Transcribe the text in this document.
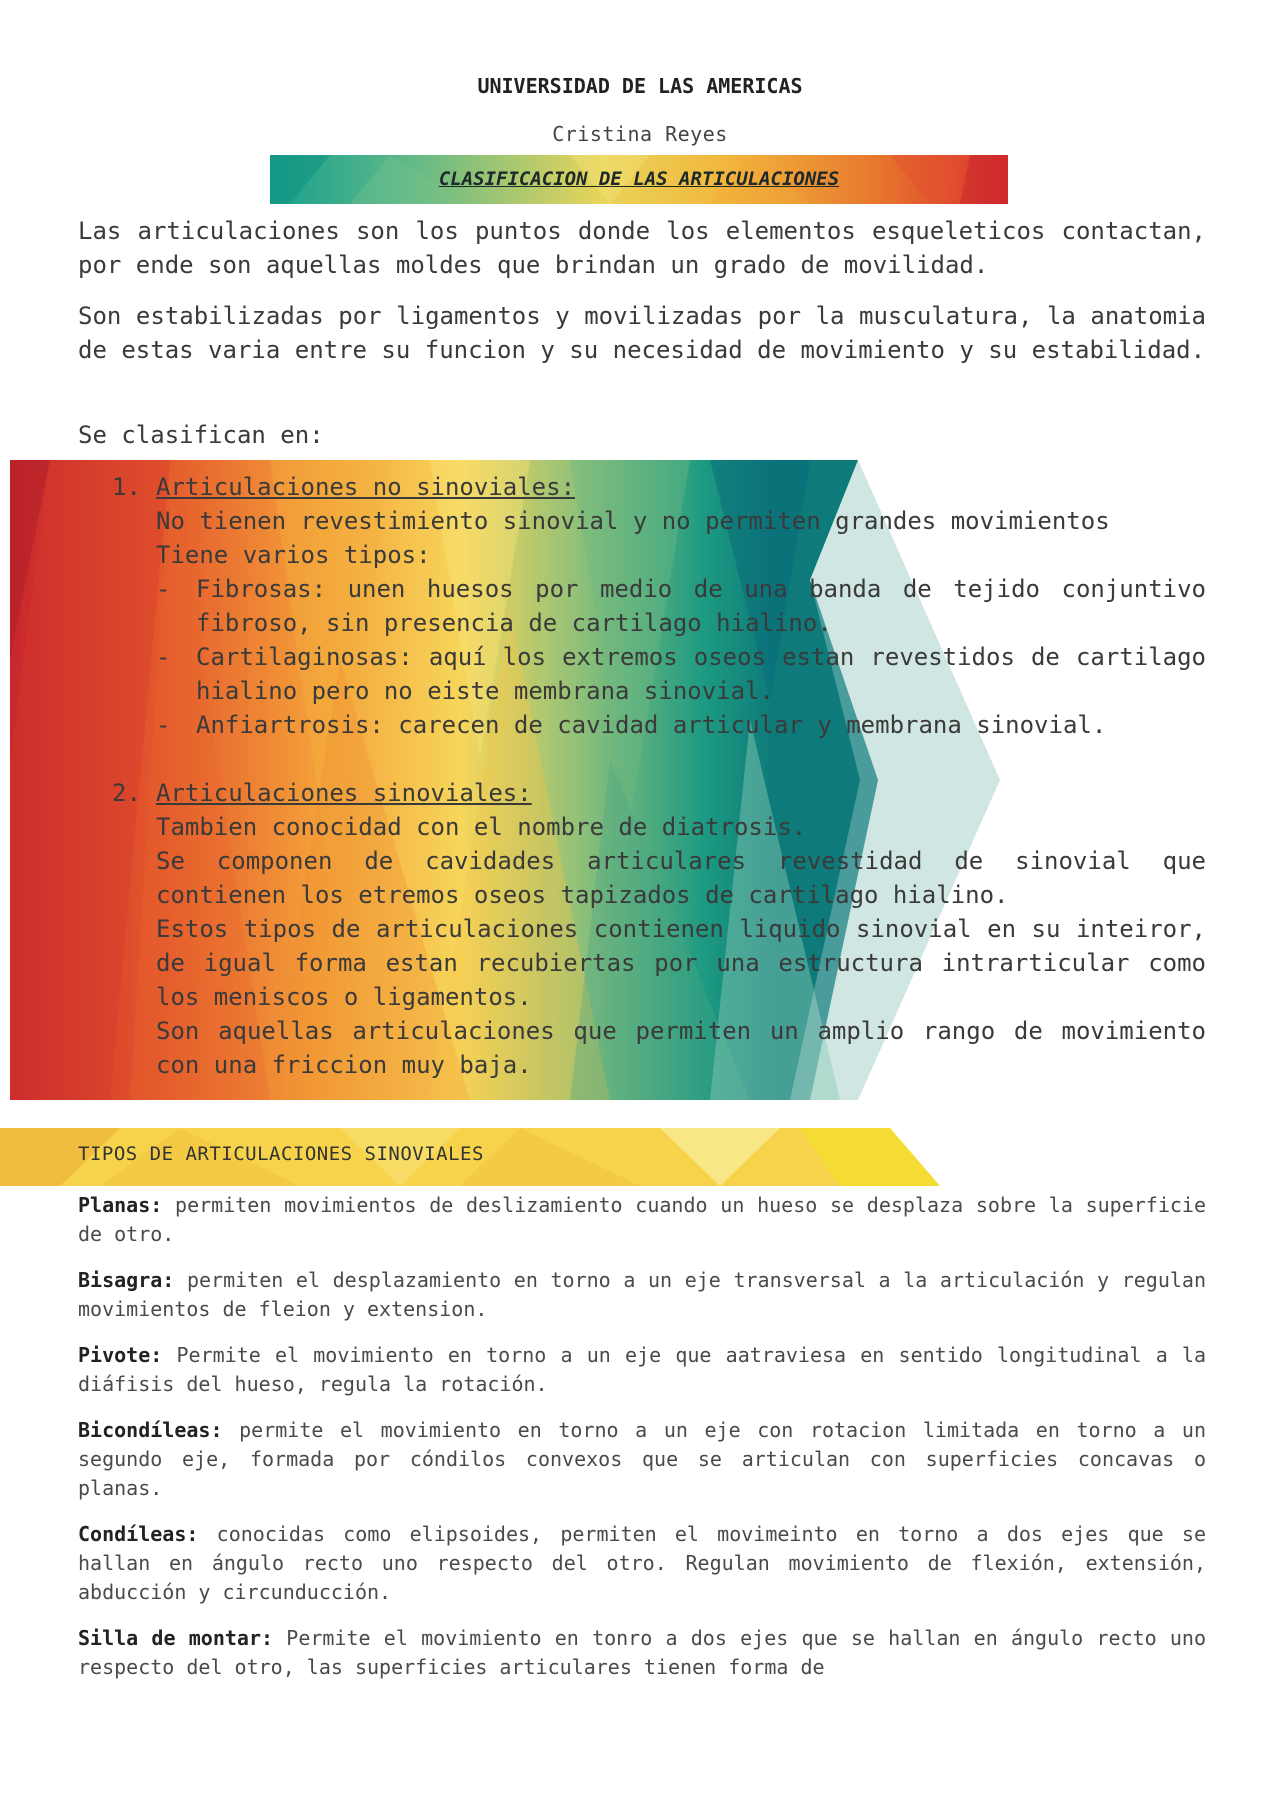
UNIVERSIDAD DE LAS AMERICAS
Cristina Reyes
CLASIFICACION DE LAS ARTICULACIONES
Las articulaciones son los puntos donde los elementos esqueleticos contactan, por ende son aquellas moldes que brindan un grado de movilidad.
Son estabilizadas por ligamentos y movilizadas por la musculatura, la anatomia de estas varia entre su funcion y su necesidad de movimiento y su estabilidad.
Se clasifican en:
1. Articulaciones no sinoviales:
No tienen revestimiento sinovial y no permiten grandes movimientos
Tiene varios tipos:
-	Fibrosas: unen huesos por medio de una banda de tejido conjuntivo fibroso, sin presencia de cartilago hialino.
-	Cartilaginosas: aquí los extremos oseos estan revestidos de cartilago hialino pero no eiste membrana sinovial.
-	Anfiartrosis: carecen de cavidad articular y membrana sinovial.
2. Articulaciones sinoviales:
Tambien conocidad con el nombre de diatrosis.
Se componen de cavidades articulares revestidad de sinovial que contienen los etremos oseos tapizados de cartilago hialino.
Estos tipos de articulaciones contienen liquido sinovial en su inteiror, de igual forma estan recubiertas por una estructura intrarticular como los meniscos o ligamentos.
Son aquellas articulaciones que permiten un amplio rango de movimiento con una friccion muy baja.
TIPOS DE ARTICULACIONES SINOVIALES
Planas: permiten movimientos de deslizamiento cuando un hueso se desplaza sobre la superficie de otro.
Bisagra: permiten el desplazamiento en torno a un eje transversal a la articulación y regulan movimientos de fleion y extension.
Pivote: Permite el movimiento en torno a un eje que aatraviesa en sentido longitudinal a la diáfisis del hueso, regula la rotación.
Bicondíleas: permite el movimiento en torno a un eje con rotacion limitada en torno a un segundo eje, formada por cóndilos convexos que se articulan con superficies concavas o planas.
Condíleas: conocidas como elipsoides, permiten el movimeinto en torno a dos ejes que se hallan en ángulo recto uno respecto del otro. Regulan movimiento de flexión, extensión, abducción y circunducción.
Silla de montar: Permite el movimiento en tonro a dos ejes que se hallan en ángulo recto uno respecto del otro, las superficies articulares tienen forma de
